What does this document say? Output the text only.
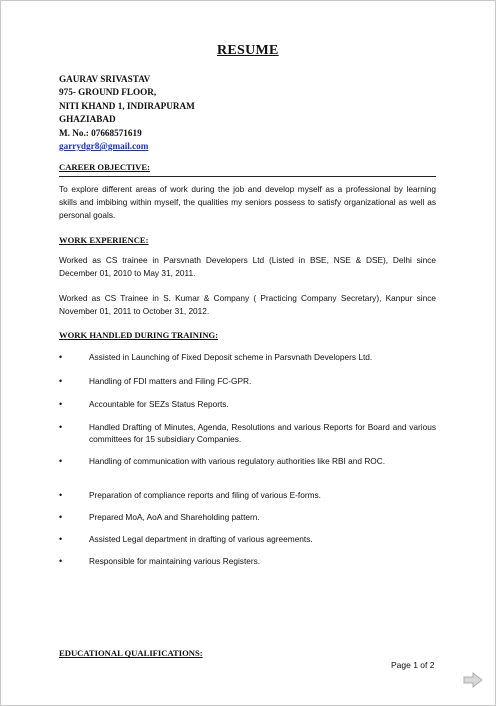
RESUME
GAURAV SRIVASTAV
975- GROUND FLOOR,
NITI KHAND 1, INDIRAPURAM
GHAZIABAD
M. No.: 07668571619
garrydgr8@gmail.com
CAREER OBJECTIVE:
To explore different areas of work during the job and develop myself as a professional by learning skills and imbibing within myself, the qualities my seniors possess to satisfy organizational as well as personal goals.
WORK EXPERIENCE:
Worked as CS trainee in Parsvnath Developers Ltd (Listed in BSE, NSE & DSE), Delhi since December 01, 2010 to May 31, 2011.
Worked as CS Trainee in S. Kumar & Company ( Practicing Company Secretary), Kanpur since November 01, 2011 to October 31, 2012.
WORK HANDLED DURING TRAINING:
•	Assisted in Launching of Fixed Deposit scheme in Parsvnath Developers Ltd.
•	Handling of FDI matters and Filing FC-GPR.
•	Accountable for SEZs Status Reports.
•	Handled Drafting of Minutes, Agenda, Resolutions and various Reports for Board and various committees for 15 subsidiary Companies.
•	Handling of communication with various regulatory authorities like RBI and ROC.
•	Preparation of compliance reports and filing of various E-forms.
•	Prepared MoA, AoA and Shareholding pattern.
•	Assisted Legal department in drafting of various agreements.
•	Responsible for maintaining various Registers.
EDUCATIONAL QUALIFICATIONS:
Page 1 of 2
